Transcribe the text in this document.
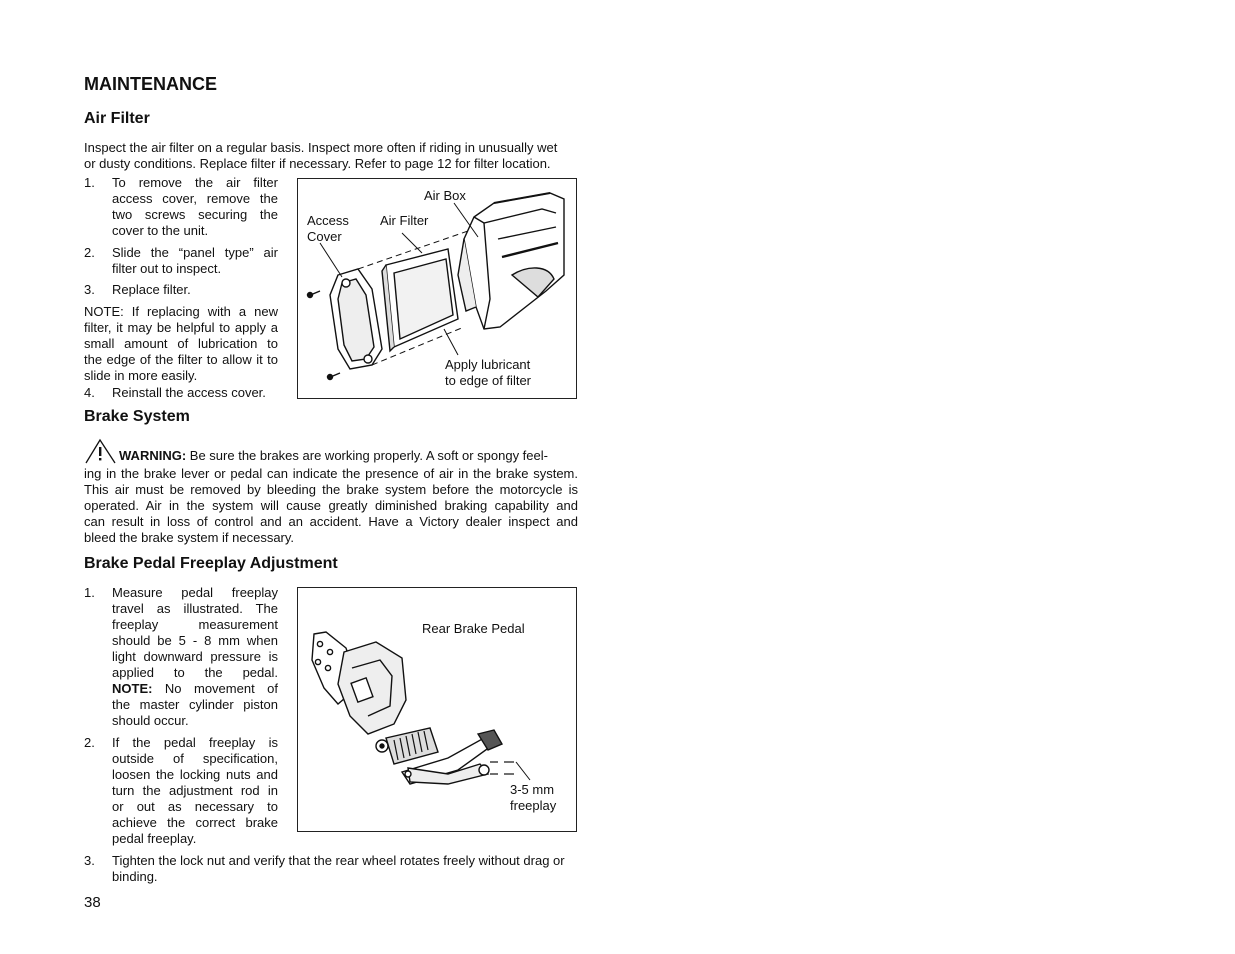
MAINTENANCE
Air Filter
Inspect the air filter on a regular basis. Inspect more often if riding in unusually wet
or dusty conditions. Replace filter if necessary. Refer to page 12 for filter location.
1. To remove the air filter
access cover, remove the
two screws securing the
cover to the unit.
2. Slide the “panel type” air
filter out to inspect.
3. Replace filter.
NOTE: If replacing with a new
filter, it may be helpful to apply a
small amount of lubrication to
the edge of the filter to allow it to
slide in more easily.
4. Reinstall the access cover.
Air Box
Access
Cover
Air Filter
Apply lubricant
to edge of filter
Brake System
WARNING: Be sure the brakes are working properly. A soft or spongy feel-
ing in the brake lever or pedal can indicate the presence of air in the brake system.
This air must be removed by bleeding the brake system before the motorcycle is
operated. Air in the system will cause greatly diminished braking capability and
can result in loss of control and an accident. Have a Victory dealer inspect and
bleed the brake system if necessary.
Brake Pedal Freeplay Adjustment
1. Measure pedal freeplay
travel as illustrated. The
freeplay measurement
should be 5 - 8 mm when
light downward pressure is
applied to the pedal.
NOTE: No movement of
the master cylinder piston
should occur.
2. If the pedal freeplay is
outside of specification,
loosen the locking nuts and
turn the adjustment rod in
or out as necessary to
achieve the correct brake
pedal freeplay.
3. Tighten the lock nut and verify that the rear wheel rotates freely without drag or
binding.
Rear Brake Pedal
3-5 mm
freeplay
38
